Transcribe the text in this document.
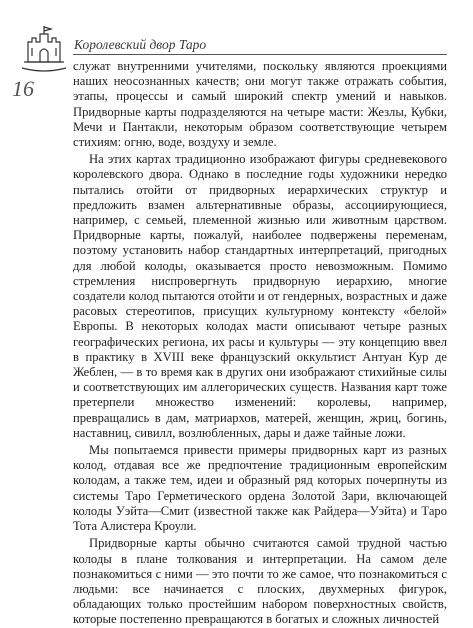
Королевский двор Таро
16

служат внутренними учителями, поскольку являются проекциями наших неосознанных качеств; они могут также отражать события, этапы, процессы и самый широкий спектр умений и навыков. Придворные карты подразделяются на четыре масти: Жезлы, Кубки, Мечи и Пантакли, некоторым образом соответствующие четырем стихиям: огню, воде, воздуху и земле.

На этих картах традиционно изображают фигуры средневекового королевского двора. Однако в последние годы художники нередко пытались отойти от придворных иерархических структур и предложить взамен альтернативные образы, ассоциирующиеся, например, с семьей, племенной жизнью или животным царством. Придворные карты, пожалуй, наиболее подвержены переменам, поэтому установить набор стандартных интерпретаций, пригодных для любой колоды, оказывается просто невозможным. Помимо стремления ниспровергнуть придворную иерархию, многие создатели колод пытаются отойти и от гендерных, возрастных и даже расовых стереотипов, присущих культурному контексту «белой» Европы. В некоторых колодах масти описывают четыре разных географических региона, их расы и культуры — эту концепцию ввел в практику в XVIII веке французский оккультист Антуан Кур де Жеблен, — в то время как в других они изображают стихийные силы и соответствующих им аллегорических существ. Названия карт тоже претерпели множество изменений: королевы, например, превращались в дам, матриархов, матерей, женщин, жриц, богинь, наставниц, сивилл, возлюбленных, дары и даже тайные ложи.

Мы попытаемся привести примеры придворных карт из разных колод, отдавая все же предпочтение традиционным европейским колодам, а также тем, идеи и образный ряд которых почерпнуты из системы Таро Герметического ордена Золотой Зари, включающей колоды Уэйта—Смит (известной также как Райдера—Уэйта) и Таро Тота Алистера Кроули.

Придворные карты обычно считаются самой трудной частью колоды в плане толкования и интерпретации. На самом деле познакомиться с ними — это почти то же самое, что познакомиться с людьми: все начинается с плоских, двухмерных фигурок, обладающих только простейшим набором поверхностных свойств, которые постепенно превращаются в богатых и сложных личностей
